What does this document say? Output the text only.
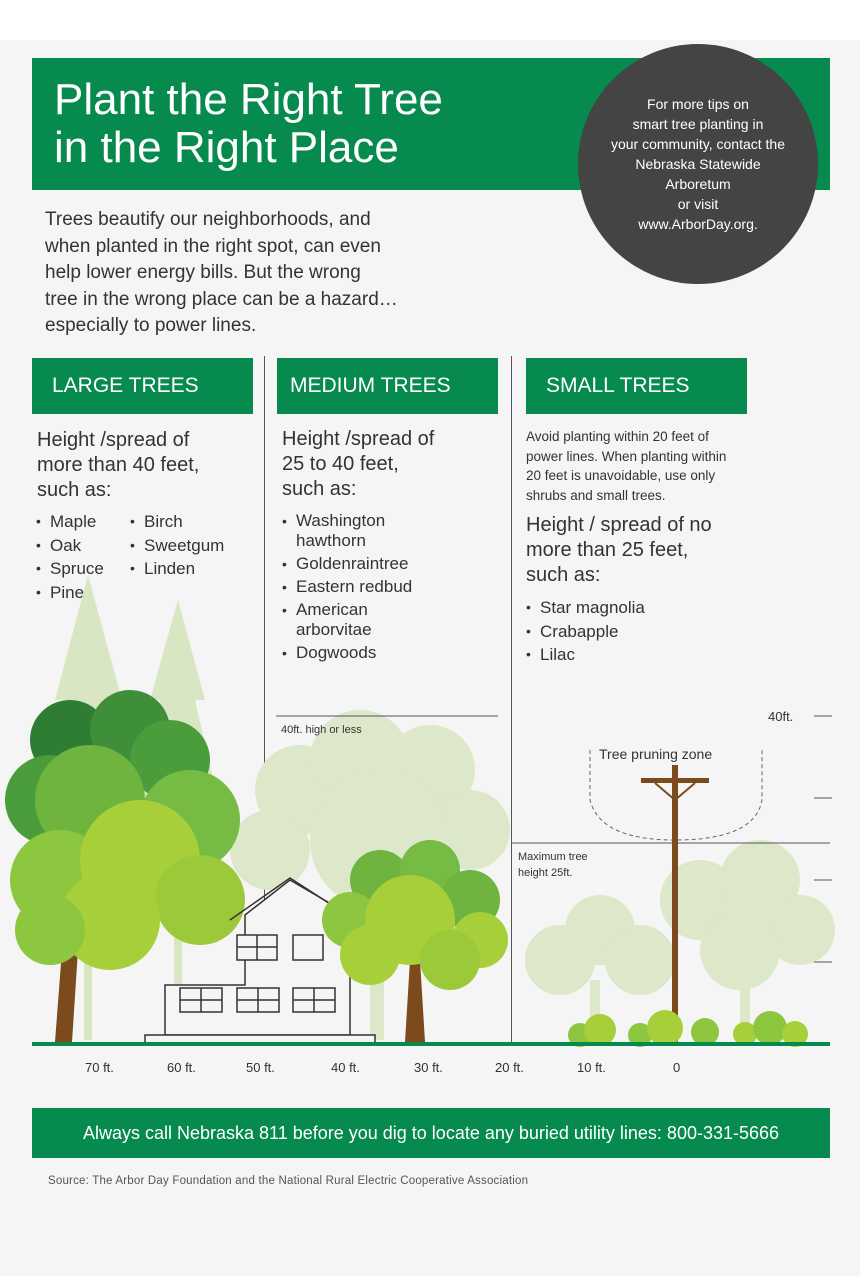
Plant the Right Tree
in the Right Place
For more tips on
smart tree planting in
your community, contact the
Nebraska Statewide Arboretum
or visit
www.ArborDay.org.

Trees beautify our neighborhoods, and
when planted in the right spot, can even
help lower energy bills. But the wrong
tree in the wrong place can be a hazard…
especially to power lines.

LARGE TREES
Height /spread of
more than 40 feet,
such as:
• Maple
• Oak
• Spruce
• Pine
• Birch
• Sweetgum
• Linden
MEDIUM TREES
Height /spread of
25 to 40 feet,
such as:
• Washington
hawthorn
• Goldenraintree
• Eastern redbud
• American
arborvitae
• Dogwoods
SMALL TREES
Avoid planting within 20 feet of
power lines. When planting within
20 feet is unavoidable, use only
shrubs and small trees.
Height / spread of no
more than 25 feet,
such as:
• Star magnolia
• Crabapple
• Lilac
40ft. high or less
Tree pruning zone
Maximum tree
height 25ft.
40ft.
70 ft.	60 ft.	50 ft.	40 ft.	30 ft.	20 ft.	10 ft.	0
Always call Nebraska 811 before you dig to locate any buried utility lines: 800-331-5666
Source: The Arbor Day Foundation and the National Rural Electric Cooperative Association
